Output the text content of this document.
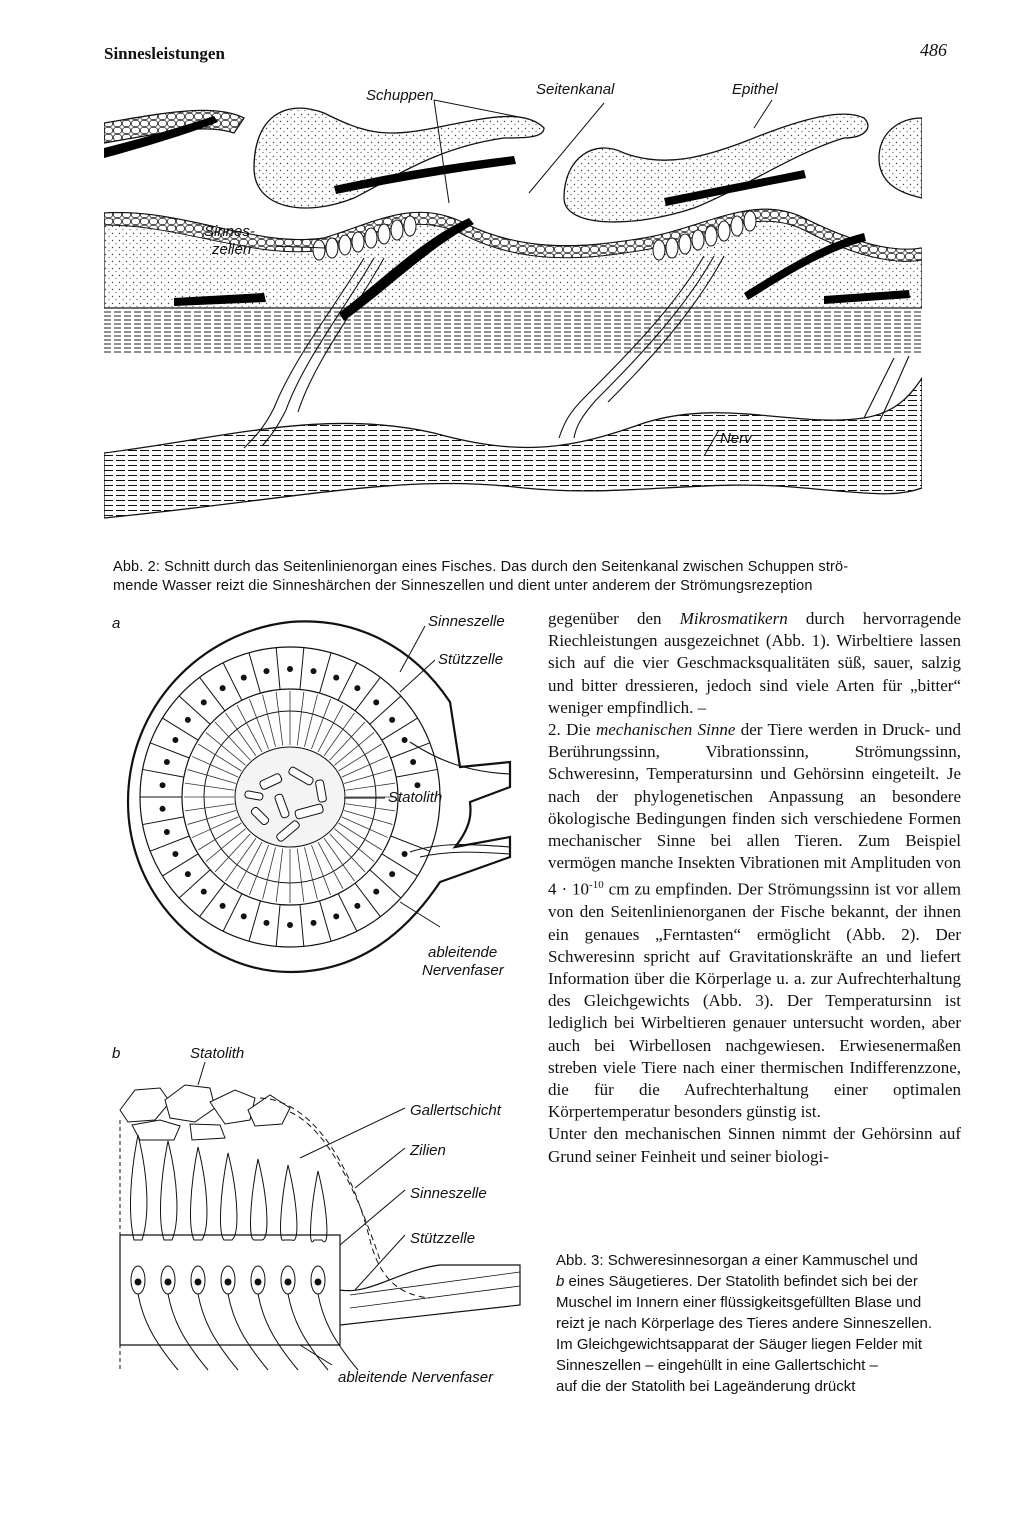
Sinnesleistungen	486
Schuppen	Seitenkanal	Epithel
Sinnes-
zellen
Nerv
Abb. 2: Schnitt durch das Seitenlinienorgan eines Fisches. Das durch den Seitenkanal zwischen Schuppen strö-
mende Wasser reizt die Sinneshärchen der Sinneszellen und dient unter anderem der Strömungsrezeption
a	Sinneszelle
Stützzelle
Statolith
ableitende
Nervenfaser
b	Statolith
Gallertschicht
Zilien
Sinneszelle
Stützzelle
ableitende Nervenfaser

gegenüber den Mikrosmatikern durch hervorragende Riechleistungen ausgezeichnet (Abb. 1). Wirbeltiere lassen sich auf die vier Geschmacksqualitäten süß, sauer, salzig und bitter dressieren, jedoch sind viele Arten für „bitter“ weniger empfindlich. –

2. Die mechanischen Sinne der Tiere werden in Druck- und Berührungssinn, Vibrationssinn, Strömungssinn, Schweresinn, Temperatursinn und Gehörsinn eingeteilt. Je nach der phylogenetischen Anpassung an besondere ökologische Bedingungen finden sich verschiedene Formen mechanischer Sinne bei allen Tieren. Zum Beispiel vermögen manche Insekten Vibrationen mit Amplituden von $4 \cdot 10^{-10}$ cm zu empfinden. Der Strömungssinn ist vor allem von den Seitenlinienorganen der Fische bekannt, der ihnen ein genaues „Ferntasten“ ermöglicht (Abb. 2). Der Schweresinn spricht auf Gravitationskräfte an und liefert Information über die Körperlage u. a. zur Aufrechterhaltung des Gleichgewichts (Abb. 3). Der Temperatursinn ist lediglich bei Wirbeltieren genauer untersucht worden, aber auch bei Wirbellosen nachgewiesen. Erwiesenermaßen streben viele Tiere nach einer thermischen Indifferenzzone, die für die Aufrechterhaltung einer optimalen Körpertemperatur besonders günstig ist.

Unter den mechanischen Sinnen nimmt der Gehörsinn auf Grund seiner Feinheit und seiner biologi-

Abb. 3: Schweresinnesorgan a einer Kammuschel und
b eines Säugetieres. Der Statolith befindet sich bei der
Muschel im Innern einer flüssigkeitsgefüllten Blase und
reizt je nach Körperlage des Tieres andere Sinneszellen.
Im Gleichgewichtsapparat der Säuger liegen Felder mit
Sinneszellen – eingehüllt in eine Gallertschicht –
auf die der Statolith bei Lageänderung drückt
